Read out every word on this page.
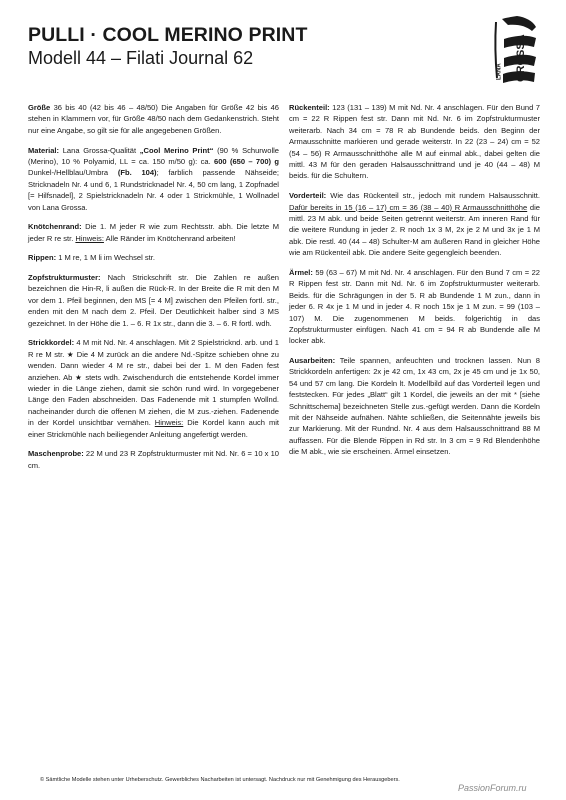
PULLI · COOL MERINO PRINT
Modell 44 – Filati Journal 62
LANA GROSSA

Größe 36 bis 40 (42 bis 46 – 48/50) Die Angaben für Größe 42 bis 46 stehen in Klammern vor, für Größe 48/50 nach dem Gedankenstrich. Steht nur eine Angabe, so gilt sie für alle angegebenen Größen.

Material: Lana Grossa-Qualität „Cool Merino Print“ (90 % Schurwolle (Merino), 10 % Polyamid, LL = ca. 150 m/50 g): ca. 600 (650 – 700) g Dunkel-/Hellblau/Umbra (Fb. 104); farblich passende Nähseide; Stricknadeln Nr. 4 und 6, 1 Rundstricknadel Nr. 4, 50 cm lang, 1 Zopfnadel [= Hilfsnadel], 2 Spielstricknadeln Nr. 4 oder 1 Strickmühle, 1 Wollnadel von Lana Grossa.

Knötchenrand: Die 1. M jeder R wie zum Rechtsstr. abh. Die letzte M jeder R re str. Hinweis: Alle Ränder im Knötchenrand arbeiten!

Rippen: 1 M re, 1 M li im Wechsel str.

Zopfstrukturmuster: Nach Strickschrift str. Die Zahlen re außen bezeichnen die Hin-R, li außen die Rück-R. In der Breite die R mit den M vor dem 1. Pfeil beginnen, den MS [= 4 M] zwischen den Pfeilen fortl. str., enden mit den M nach dem 2. Pfeil. Der Deutlichkeit halber sind 3 MS gezeichnet. In der Höhe die 1. – 6. R 1x str., dann die 3. – 6. R fortl. wdh.

Strickkordel: 4 M mit Nd. Nr. 4 anschlagen. Mit 2 Spielstricknd. arb. und 1 R re M str. ★ Die 4 M zurück an die andere Nd.-Spitze schieben ohne zu wenden. Dann wieder 4 M re str., dabei bei der 1. M den Faden fest anziehen. Ab ★ stets wdh. Zwischendurch die entstehende Kordel immer wieder in die Länge ziehen, damit sie schön rund wird. In vorgegebener Länge den Faden abschneiden. Das Fadenende mit 1 stumpfen Wollnd. nacheinander durch die offenen M ziehen, die M zus.-ziehen. Fadenende in der Kordel unsichtbar vernähen. Hinweis: Die Kordel kann auch mit einer Strickmühle nach beiliegender Anleitung angefertigt werden.

Maschenprobe: 22 M und 23 R Zopfstrukturmuster mit Nd. Nr. 6 = 10 x 10 cm.

Rückenteil: 123 (131 – 139) M mit Nd. Nr. 4 anschlagen. Für den Bund 7 cm = 22 R Rippen fest str. Dann mit Nd. Nr. 6 im Zopfstrukturmuster weiterarb. Nach 34 cm = 78 R ab Bundende beids. den Beginn der Armausschnitte markieren und gerade weiterstr. In 22 (23 – 24) cm = 52 (54 – 56) R Armausschnitthöhe alle M auf einmal abk., dabei gelten die mittl. 43 M für den geraden Halsausschnittrand und je 40 (44 – 48) M beids. für die Schultern.

Vorderteil: Wie das Rückenteil str., jedoch mit rundem Halsausschnitt. Dafür bereits in 15 (16 – 17) cm = 36 (38 – 40) R Armausschnitthöhe die mittl. 23 M abk. und beide Seiten getrennt weiterstr. Am inneren Rand für die weitere Rundung in jeder 2. R noch 1x 3 M, 2x je 2 M und 3x je 1 M abk. Die restl. 40 (44 – 48) Schulter-M am äußeren Rand in gleicher Höhe wie am Rückenteil abk. Die andere Seite gegengleich beenden.

Ärmel: 59 (63 – 67) M mit Nd. Nr. 4 anschlagen. Für den Bund 7 cm = 22 R Rippen fest str. Dann mit Nd. Nr. 6 im Zopfstrukturmuster weiterarb. Beids. für die Schrägungen in der 5. R ab Bundende 1 M zun., dann in jeder 6. R 4x je 1 M und in jeder 4. R noch 15x je 1 M zun. = 99 (103 – 107) M. Die zugenommenen M beids. folgerichtig in das Zopfstrukturmuster einfügen. Nach 41 cm = 94 R ab Bundende alle M locker abk.

Ausarbeiten: Teile spannen, anfeuchten und trocknen lassen. Nun 8 Strickkordeln anfertigen: 2x je 42 cm, 1x 43 cm, 2x je 45 cm und je 1x 50, 54 und 57 cm lang. Die Kordeln lt. Modellbild auf das Vorderteil legen und feststecken. Für jedes „Blatt“ gilt 1 Kordel, die jeweils an der mit * [siehe Schnittschema] bezeichneten Stelle zus.-gefügt werden. Dann die Kordeln mit der Nähseide aufnähen. Nähte schließen, die Seitennähte jeweils bis zur Markierung. Mit der Rundnd. Nr. 4 aus dem Halsausschnittrand 88 M auffassen. Für die Blende Rippen in Rd str. In 3 cm = 9 Rd Blendenhöhe die M abk., wie sie erscheinen. Ärmel einsetzen.

© Sämtliche Modelle stehen unter Urheberschutz. Gewerbliches Nacharbeiten ist untersagt. Nachdruck nur mit Genehmigung des Herausgebers.
PassionForum.ru
